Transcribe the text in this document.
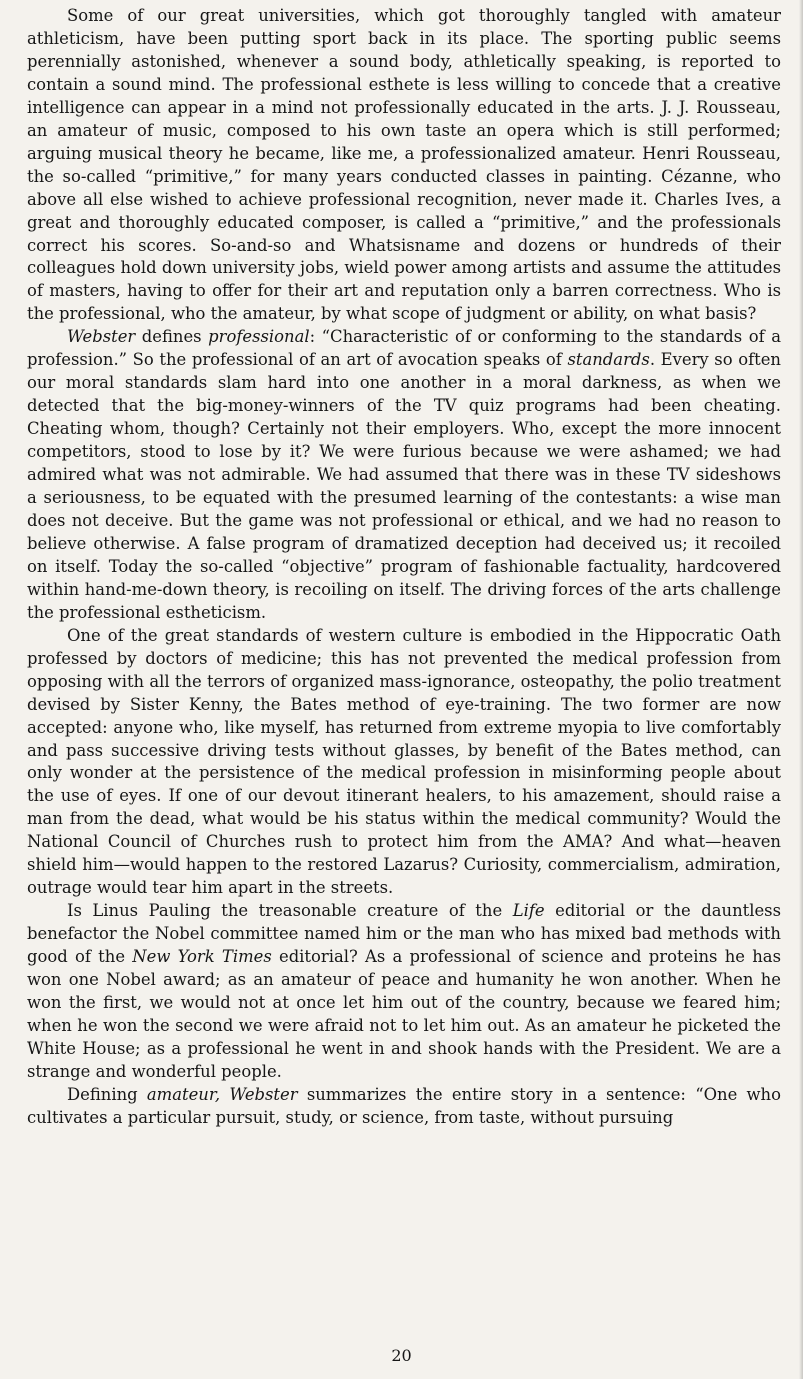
Some of our great universities, which got thoroughly tangled with amateur athleticism, have been putting sport back in its place. The sporting public seems perennially astonished, whenever a sound body, athletically speaking, is reported to contain a sound mind. The professional esthete is less willing to concede that a creative intelligence can appear in a mind not professionally educated in the arts. J. J. Rousseau, an amateur of music, composed to his own taste an opera which is still performed; arguing musical theory he became, like me, a professionalized amateur. Henri Rousseau, the so-called “primitive,” for many years conducted classes in painting. Cézanne, who above all else wished to achieve professional recognition, never made it. Charles Ives, a great and thoroughly educated composer, is called a “primitive,” and the professionals correct his scores. So-and-so and Whatsisname and dozens or hundreds of their colleagues hold down university jobs, wield power among artists and assume the attitudes of masters, having to offer for their art and reputation only a barren correctness. Who is the professional, who the amateur, by what scope of judgment or ability, on what basis?

Webster defines professional: “Characteristic of or conforming to the standards of a profession.” So the professional of an art of avocation speaks of standards. Every so often our moral standards slam hard into one another in a moral darkness, as when we detected that the big-money-winners of the TV quiz programs had been cheating. Cheating whom, though? Certainly not their employers. Who, except the more innocent competitors, stood to lose by it? We were furious because we were ashamed; we had admired what was not admirable. We had assumed that there was in these TV sideshows a seriousness, to be equated with the presumed learning of the contestants: a wise man does not deceive. But the game was not professional or ethical, and we had no reason to believe otherwise. A false program of dramatized deception had deceived us; it recoiled on itself. Today the so-called “objective” program of fashionable factuality, hardcovered within hand-me-down theory, is recoiling on itself. The driving forces of the arts challenge the professional estheticism.

One of the great standards of western culture is embodied in the Hippocratic Oath professed by doctors of medicine; this has not prevented the medical profession from opposing with all the terrors of organized mass-ignorance, osteopathy, the polio treatment devised by Sister Kenny, the Bates method of eye-training. The two former are now accepted: anyone who, like myself, has returned from extreme myopia to live comfortably and pass successive driving tests without glasses, by benefit of the Bates method, can only wonder at the persistence of the medical profession in misinforming people about the use of eyes. If one of our devout itinerant healers, to his amazement, should raise a man from the dead, what would be his status within the medical community? Would the National Council of Churches rush to protect him from the AMA? And what—heaven shield him—would happen to the restored Lazarus? Curiosity, commercialism, admiration, outrage would tear him apart in the streets.

Is Linus Pauling the treasonable creature of the Life editorial or the dauntless benefactor the Nobel committee named him or the man who has mixed bad methods with good of the New York Times editorial? As a professional of science and proteins he has won one Nobel award; as an amateur of peace and humanity he won another. When he won the first, we would not at once let him out of the country, because we feared him; when he won the second we were afraid not to let him out. As an amateur he picketed the White House; as a professional he went in and shook hands with the President. We are a strange and wonderful people.

Defining amateur, Webster summarizes the entire story in a sentence: “One who cultivates a particular pursuit, study, or science, from taste, without pursuing

20
